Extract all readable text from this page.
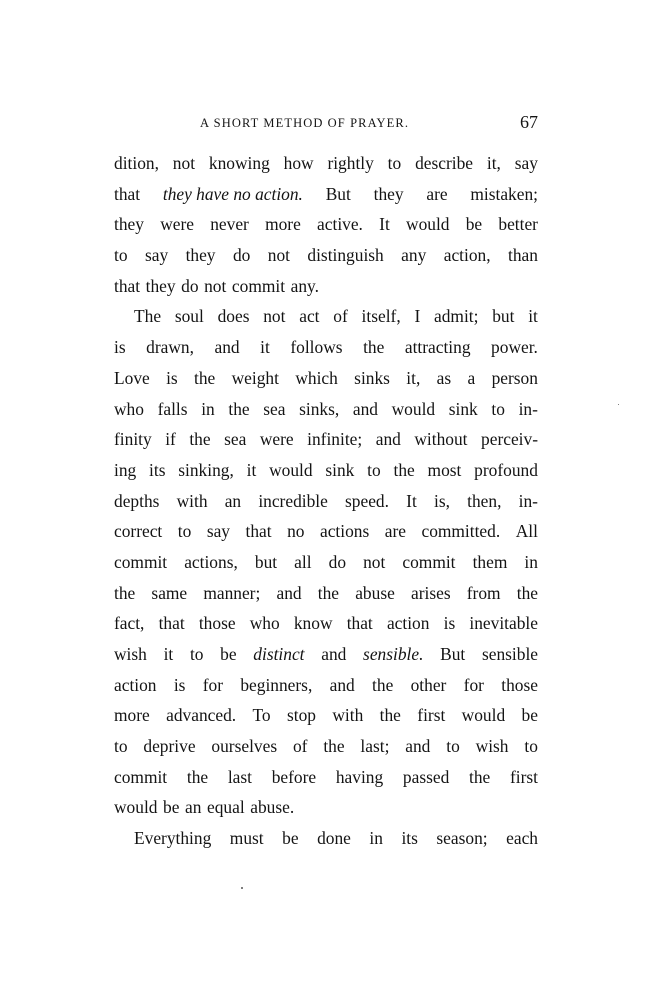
A SHORT METHOD OF PRAYER.	67
dition, not knowing how rightly to describe it, say
that they have no action. But they are mistaken;
they were never more active. It would be better
to say they do not distinguish any action, than
that they do not commit any.
The soul does not act of itself, I admit; but it
is drawn, and it follows the attracting power.
Love is the weight which sinks it, as a person
who falls in the sea sinks, and would sink to in-
finity if the sea were infinite; and without perceiv-
ing its sinking, it would sink to the most profound
depths with an incredible speed. It is, then, in-
correct to say that no actions are committed. All
commit actions, but all do not commit them in
the same manner; and the abuse arises from the
fact, that those who know that action is inevitable
wish it to be distinct and sensible. But sensible
action is for beginners, and the other for those
more advanced. To stop with the first would be
to deprive ourselves of the last; and to wish to
commit the last before having passed the first
would be an equal abuse.
Everything must be done in its season; each
